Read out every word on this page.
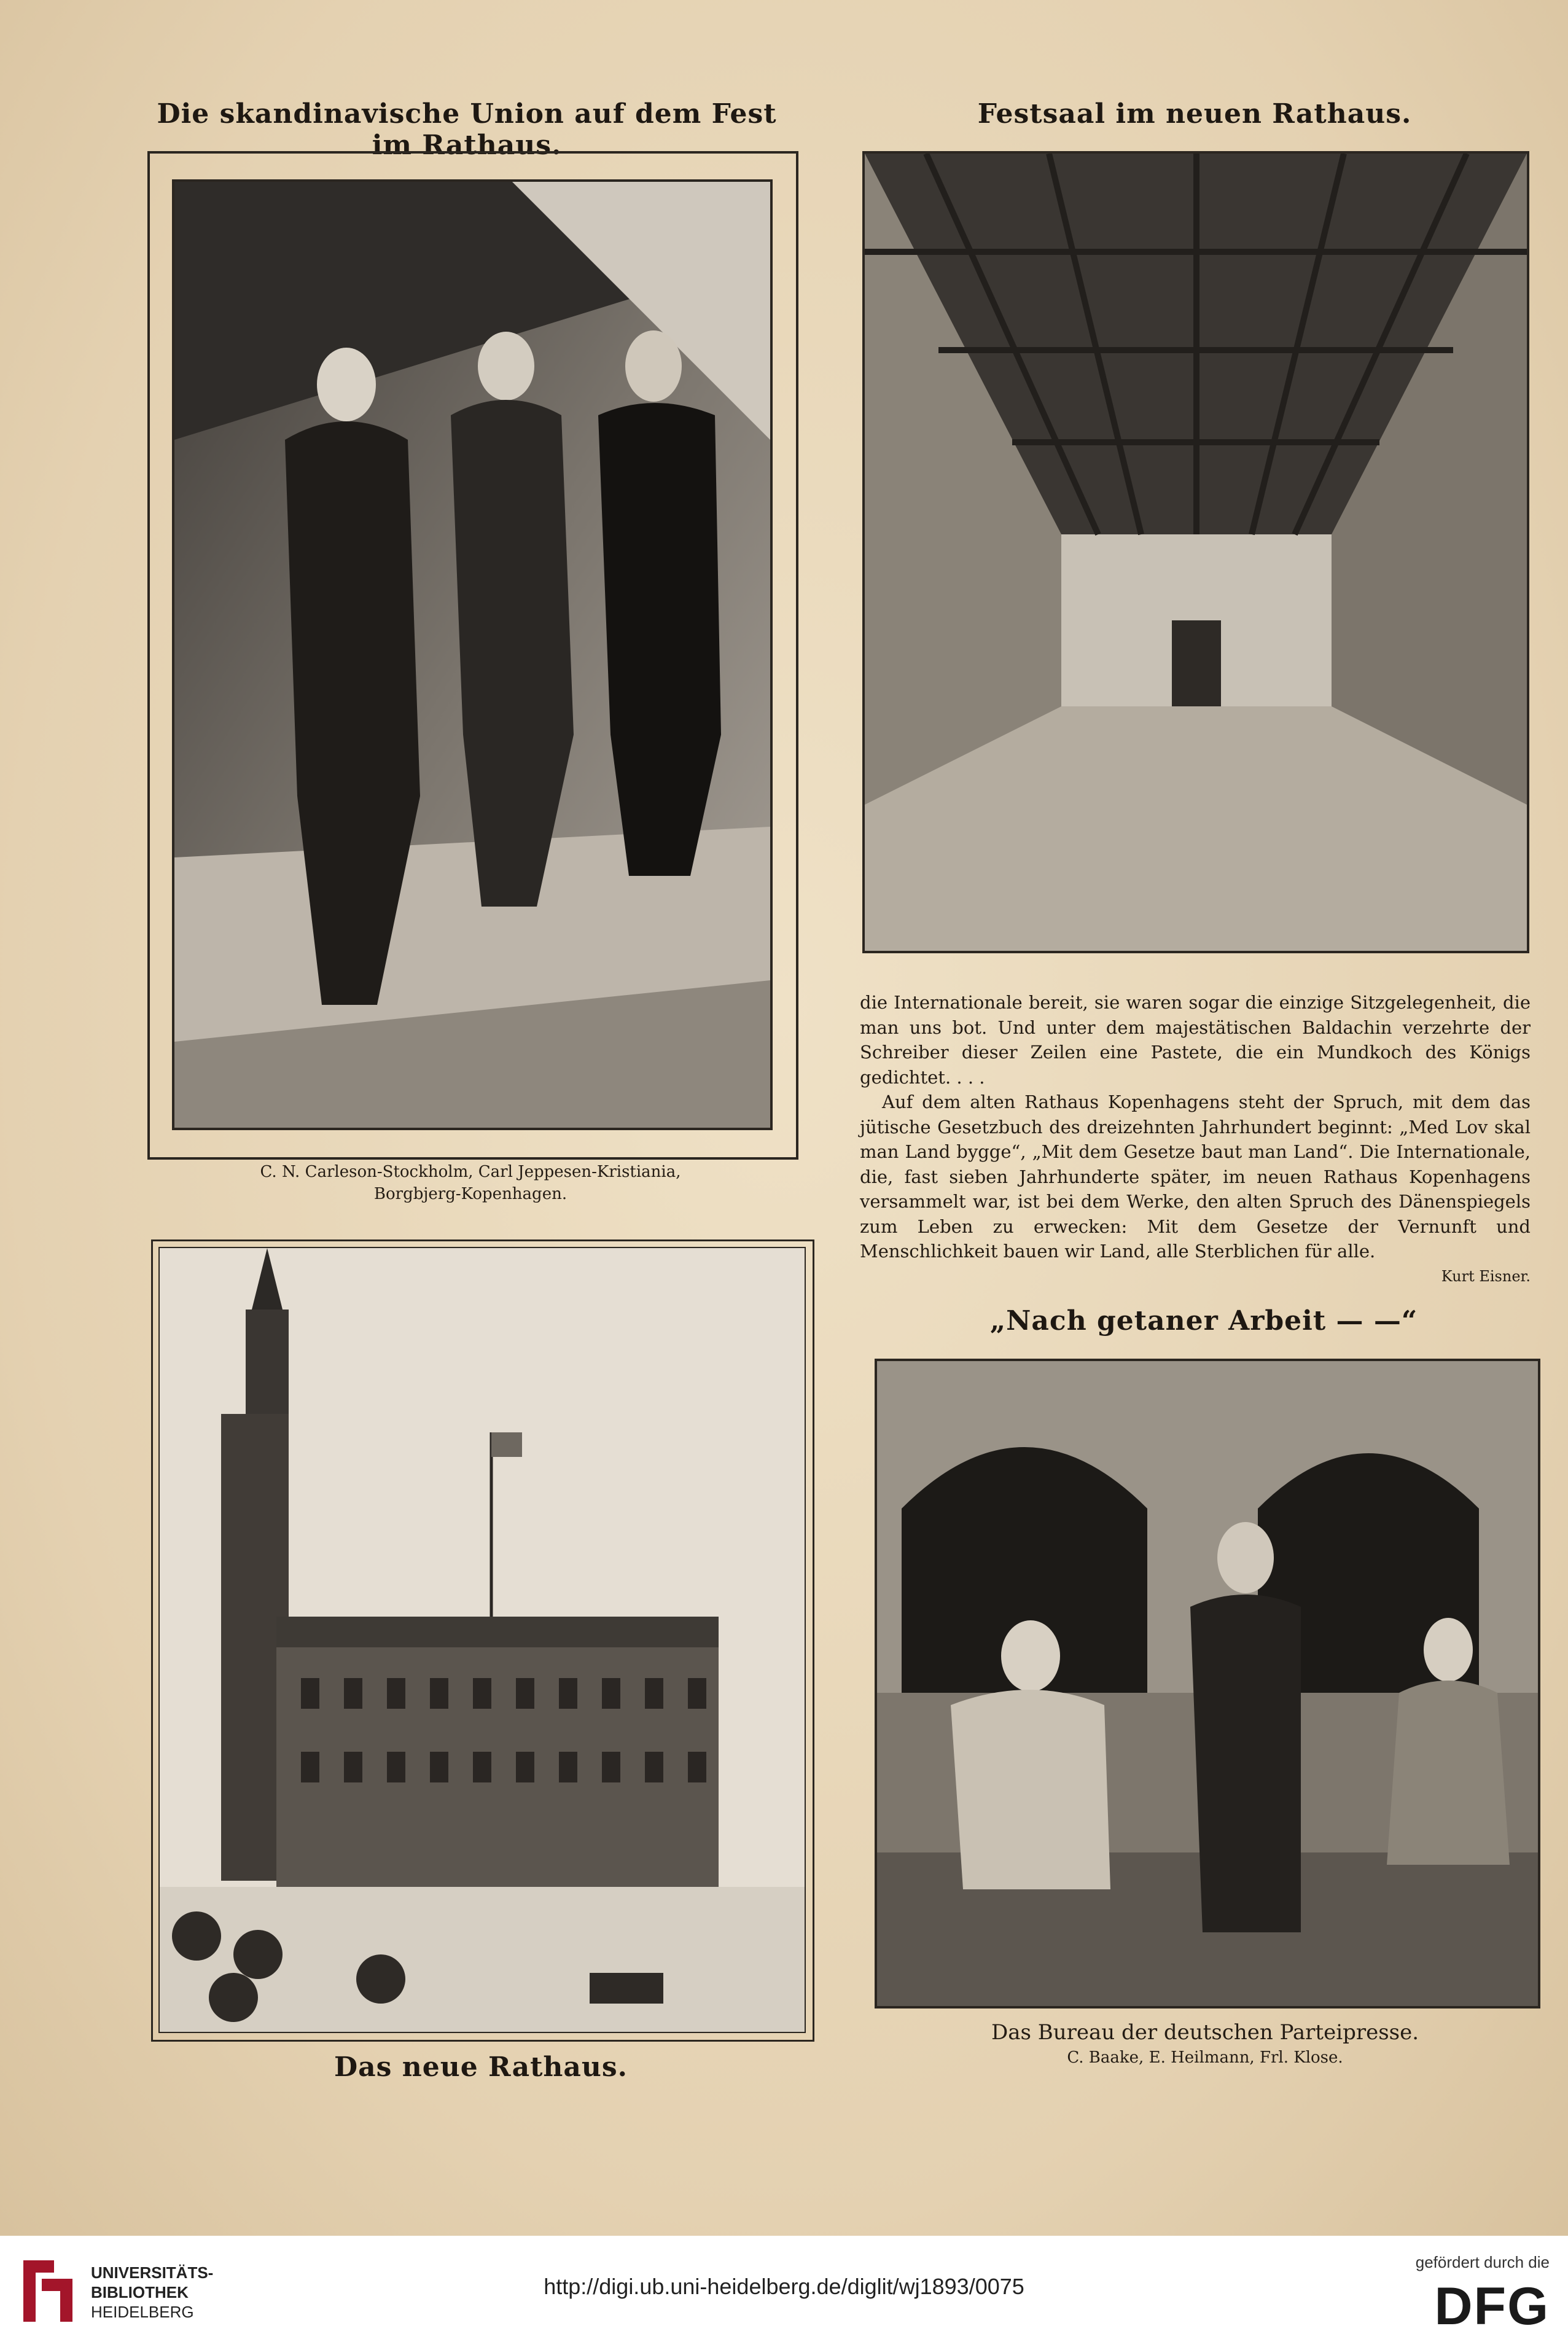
Die skandinavische Union auf dem Fest im Rathaus.
Festsaal im neuen Rathaus.
C. N. Carleson-Stockholm, Carl Jeppesen-Kristiania,
Borgbjerg-Kopenhagen.

die Internationale bereit, sie waren sogar die einzige Sitzgelegenheit, die man uns bot. Und unter dem majestätischen Baldachin verzehrte der Schreiber dieser Zeilen eine Pastete, die ein Mundkoch des Königs gedichtet. . . .

Auf dem alten Rathaus Kopenhagens steht der Spruch, mit dem das jütische Gesetzbuch des dreizehnten Jahrhundert beginnt: „Med Lov skal man Land bygge“, „Mit dem Gesetze baut man Land“. Die Internationale, die, fast sieben Jahrhunderte später, im neuen Rathaus Kopenhagens versammelt war, ist bei dem Werke, den alten Spruch des Dänenspiegels zum Leben zu erwecken: Mit dem Gesetze der Vernunft und Menschlichkeit bauen wir Land, alle Sterblichen für alle.

Kurt Eisner.
Das neue Rathaus.
„Nach getaner Arbeit — —“
Das Bureau der deutschen Parteipresse.
C. Baake, E. Heilmann, Frl. Klose.
UNIVERSITÄTS-
BIBLIOTHEK
HEIDELBERG
http://digi.ub.uni-heidelberg.de/diglit/wj1893/0075
gefördert durch die
DFG
